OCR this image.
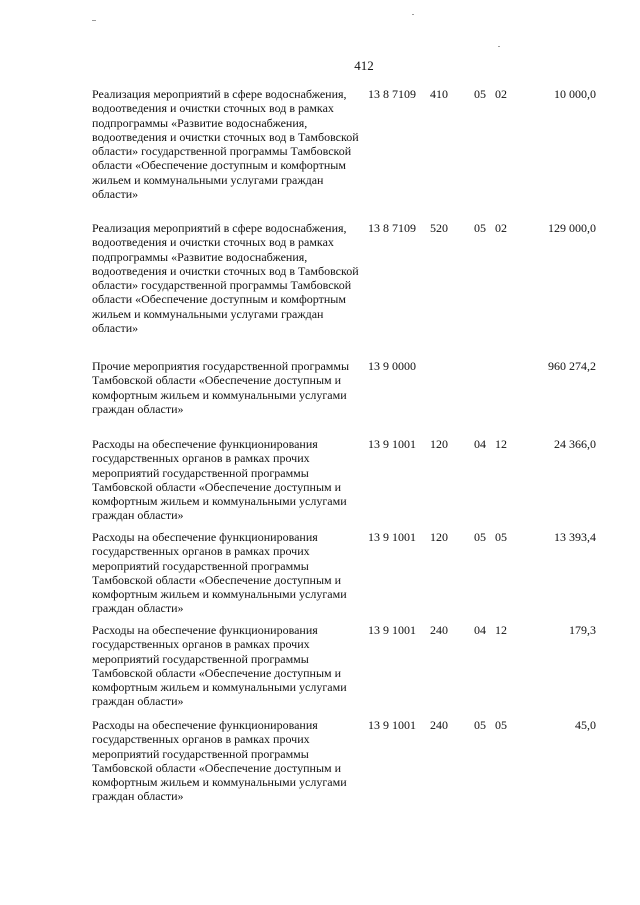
412
Реализация мероприятий в сфере водоснабжения, водоотведения и очистки сточных вод в рамках подпрограммы «Развитие водоснабжения, водоотведения и очистки сточных вод в Тамбовской области» государственной программы Тамбовской области «Обеспечение доступным и комфортным жильем и коммунальными услугами граждан области»
13 8 7109 410 05 02	10 000,0
Реализация мероприятий в сфере водоснабжения, водоотведения и очистки сточных вод в рамках подпрограммы «Развитие водоснабжения, водоотведения и очистки сточных вод в Тамбовской области» государственной программы Тамбовской области «Обеспечение доступным и комфортным жильем и коммунальными услугами граждан области»
13 8 7109 520 05 02	129 000,0
Прочие мероприятия государственной программы Тамбовской области «Обеспечение доступным и комфортным жильем и коммунальными услугами граждан области»
13 9 0000	960 274,2
Расходы на обеспечение функционирования государственных органов в рамках прочих мероприятий государственной программы Тамбовской области «Обеспечение доступным и комфортным жильем и коммунальными услугами граждан области»
13 9 1001 120 04 12	24 366,0
Расходы на обеспечение функционирования государственных органов в рамках прочих мероприятий государственной программы Тамбовской области «Обеспечение доступным и комфортным жильем и коммунальными услугами граждан области»
13 9 1001 120 05 05	13 393,4
Расходы на обеспечение функционирования государственных органов в рамках прочих мероприятий государственной программы Тамбовской области «Обеспечение доступным и комфортным жильем и коммунальными услугами граждан области»
13 9 1001 240 04 12	179,3
Расходы на обеспечение функционирования государственных органов в рамках прочих мероприятий государственной программы Тамбовской области «Обеспечение доступным и комфортным жильем и коммунальными услугами граждан области»
13 9 1001 240 05 05	45,0
